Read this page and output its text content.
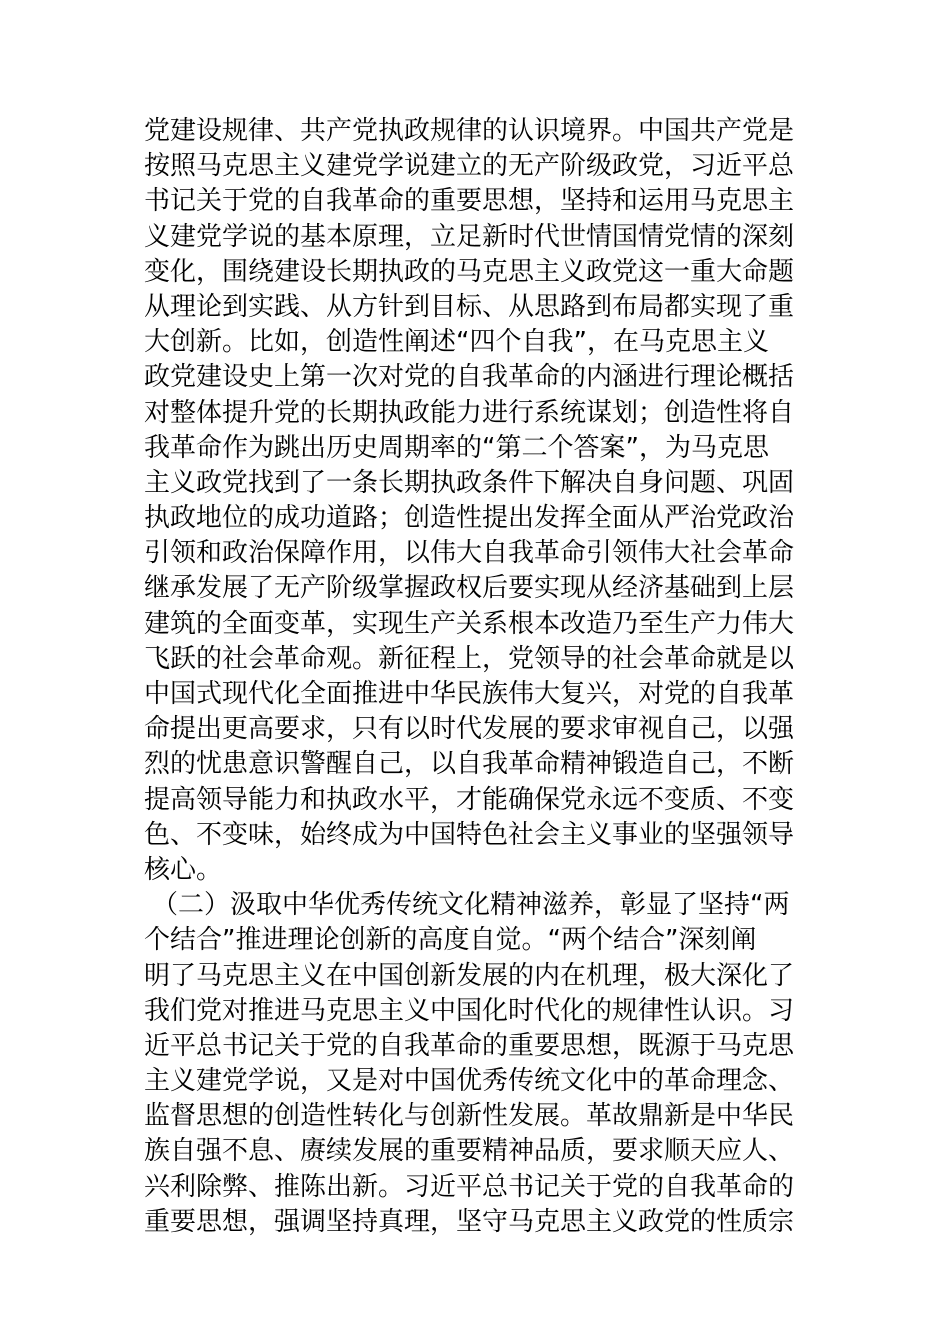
党建设规律、共产党执政规律的认识境界。中国共产党是
按照马克思主义建党学说建立的无产阶级政党，习近平总
书记关于党的自我革命的重要思想，坚持和运用马克思主
义建党学说的基本原理，立足新时代世情国情党情的深刻
变化，围绕建设长期执政的马克思主义政党这一重大命题
从理论到实践、从方针到目标、从思路到布局都实现了重
大创新。比如，创造性阐述“四个自我”，在马克思主义
政党建设史上第一次对党的自我革命的内涵进行理论概括
对整体提升党的长期执政能力进行系统谋划；创造性将自
我革命作为跳出历史周期率的“第二个答案”，为马克思
主义政党找到了一条长期执政条件下解决自身问题、巩固
执政地位的成功道路；创造性提出发挥全面从严治党政治
引领和政治保障作用，以伟大自我革命引领伟大社会革命
继承发展了无产阶级掌握政权后要实现从经济基础到上层
建筑的全面变革，实现生产关系根本改造乃至生产力伟大
飞跃的社会革命观。新征程上，党领导的社会革命就是以
中国式现代化全面推进中华民族伟大复兴，对党的自我革
命提出更高要求，只有以时代发展的要求审视自己，以强
烈的忧患意识警醒自己，以自我革命精神锻造自己，不断
提高领导能力和执政水平，才能确保党永远不变质、不变
色、不变味，始终成为中国特色社会主义事业的坚强领导
核心。
（二）汲取中华优秀传统文化精神滋养，彰显了坚持“两
个结合”推进理论创新的高度自觉。“两个结合”深刻阐
明了马克思主义在中国创新发展的内在机理，极大深化了
我们党对推进马克思主义中国化时代化的规律性认识。习
近平总书记关于党的自我革命的重要思想，既源于马克思
主义建党学说，又是对中国优秀传统文化中的革命理念、
监督思想的创造性转化与创新性发展。革故鼎新是中华民
族自强不息、赓续发展的重要精神品质，要求顺天应人、
兴利除弊、推陈出新。习近平总书记关于党的自我革命的
重要思想，强调坚持真理，坚守马克思主义政党的性质宗
